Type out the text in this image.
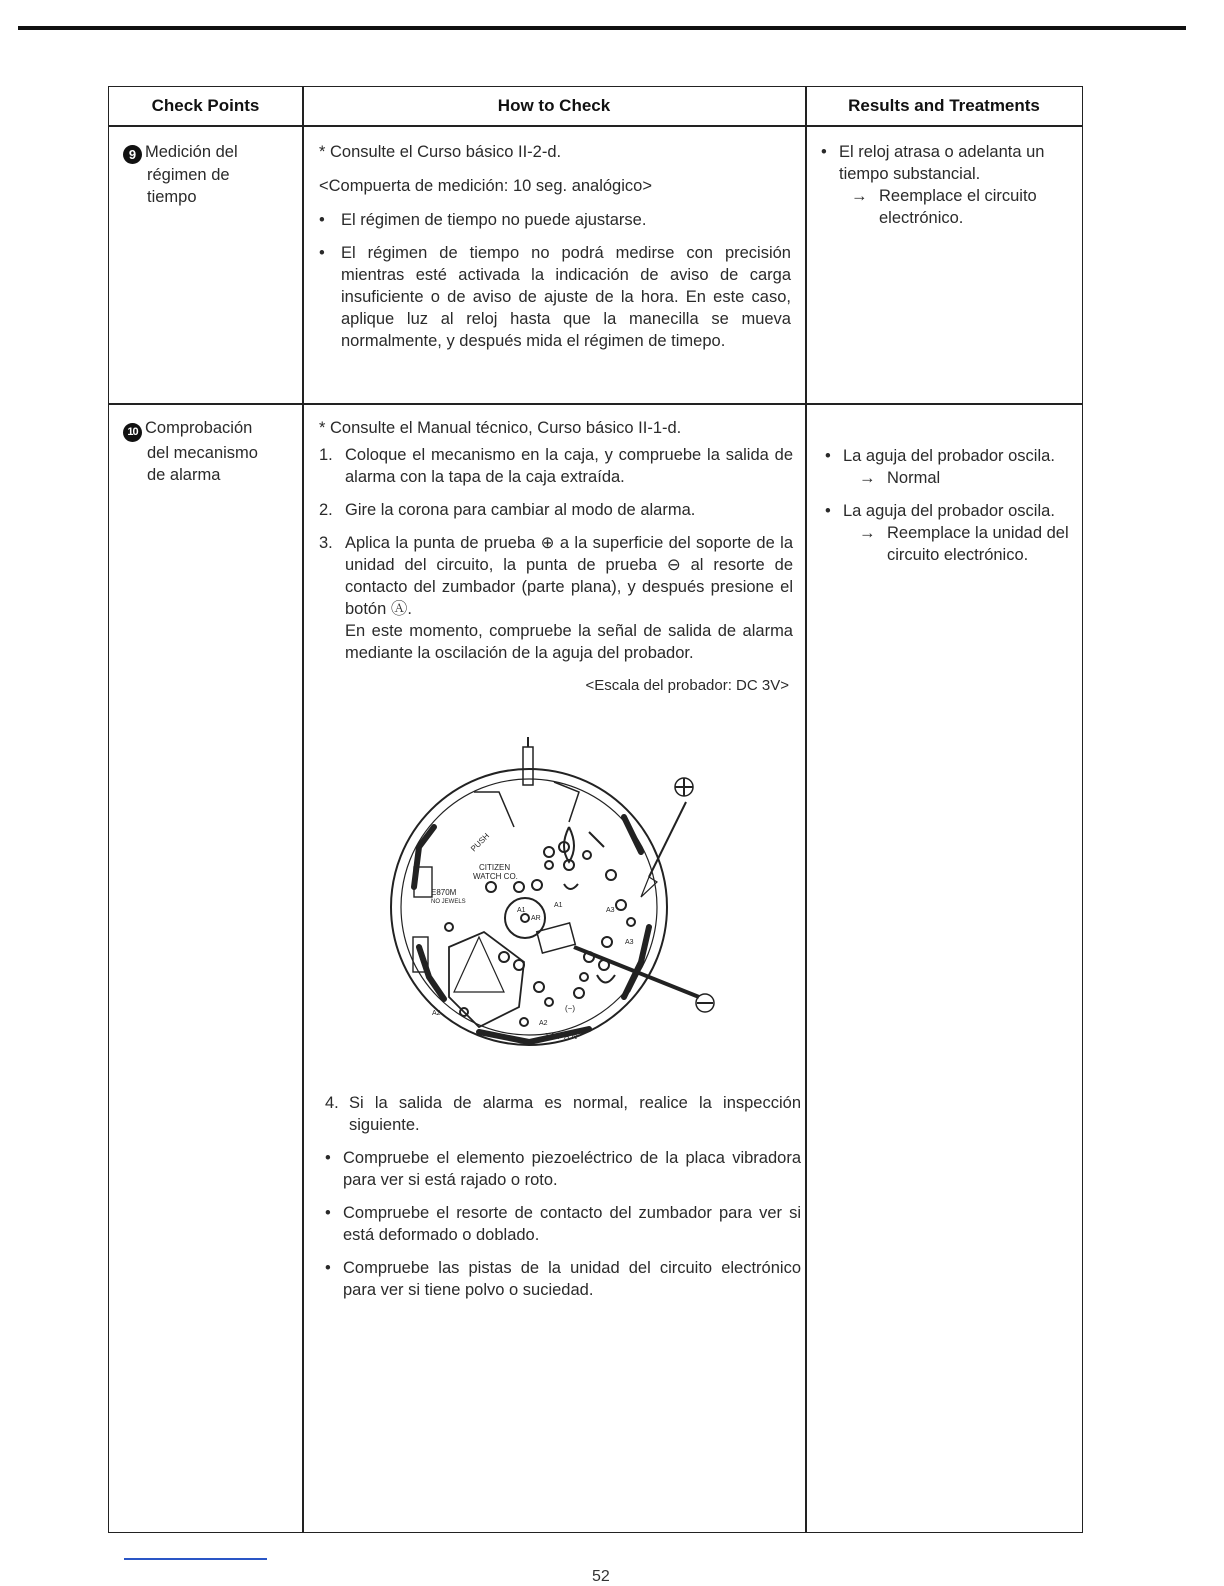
Check Points	How to Check	Results and Treatments
9 Medición del
régimen de
tiempo
* Consulte el Curso básico II-2-d.
<Compuerta de medición: 10 seg. analógico>
• El régimen de tiempo no puede ajustarse.
• El régimen de tiempo no podrá medirse con precisión mientras esté activada la indicación de aviso de carga insuficiente o de aviso de ajuste de la hora. En este caso, aplique luz al reloj hasta que la manecilla se mueva normalmente, y después mida el régimen de timepo.
• El reloj atrasa o adelanta un tiempo substancial.
→ Reemplace el circuito electrónico.
10 Comprobación
del mecanismo
de alarma
* Consulte el Manual técnico, Curso básico II-1-d.
1. Coloque el mecanismo en la caja, y compruebe la salida de alarma con la tapa de la caja extraída.
2. Gire la corona para cambiar al modo de alarma.
3. Aplica la punta de prueba ⊕ a la superficie del soporte de la unidad del circuito, la punta de prueba ⊖ al resorte de contacto del zumbador (parte plana), y después presione el botón Ⓐ.
En este momento, compruebe la señal de salida de alarma mediante la oscilación de la aguja del probador.
<Escala del probador: DC 3V>
PUSH
CITIZEN
WATCH CO.
E870M
NO JEWELS
A1
A1
AR
A3
A3
A2
A2
(−)
JAPAN
4. Si la salida de alarma es normal, realice la inspección siguiente.
• Compruebe el elemento piezoeléctrico de la placa vibradora para ver si está rajado o roto.
• Compruebe el resorte de contacto del zumbador para ver si está deformado o doblado.
• Compruebe las pistas de la unidad del circuito electrónico para ver si tiene polvo o suciedad.
• La aguja del probador oscila.
→ Normal
• La aguja del probador oscila.
→ Reemplace la unidad del circuito electrónico.
52
